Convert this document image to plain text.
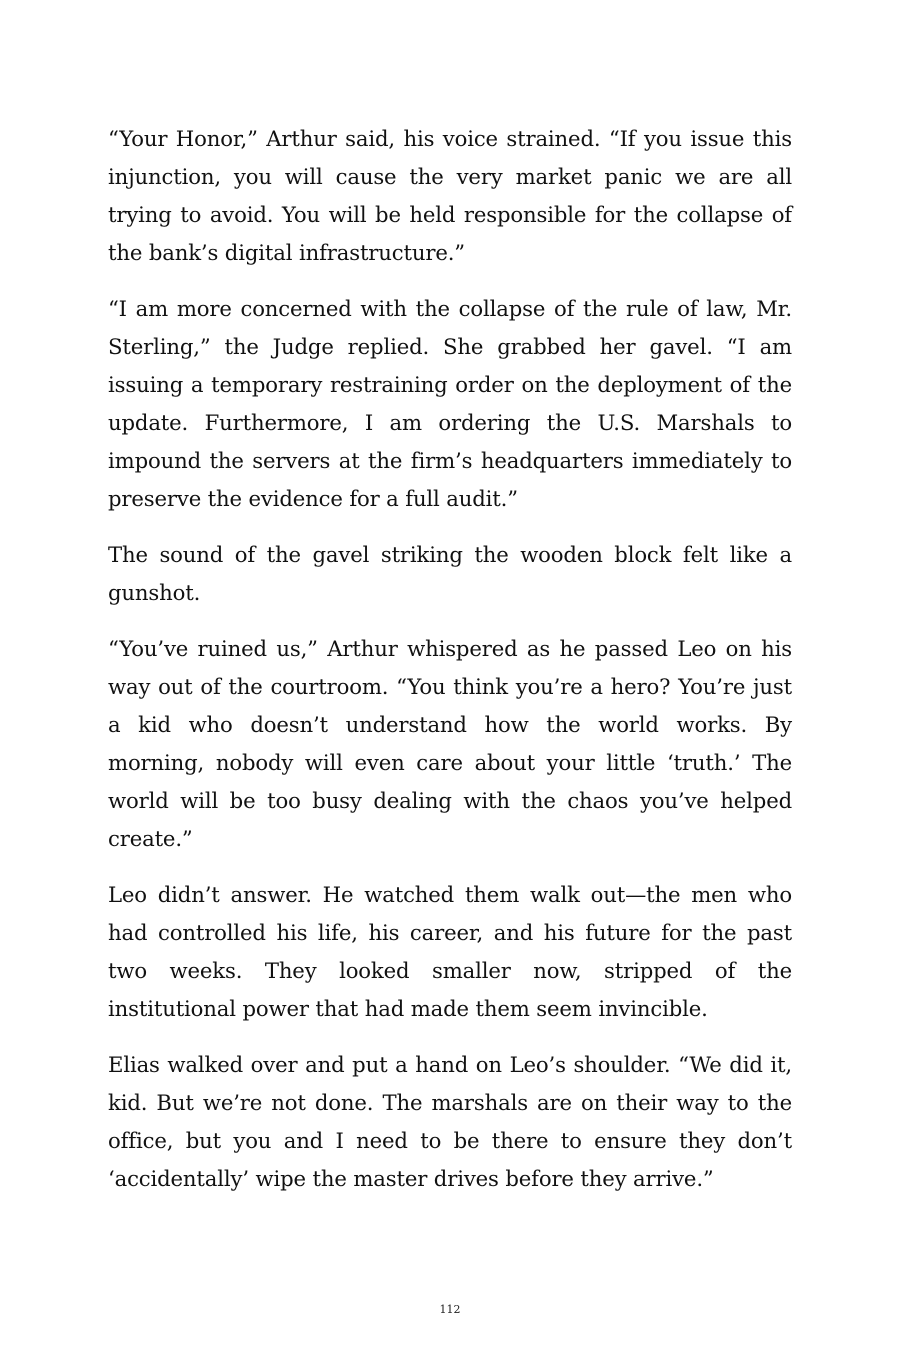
“Your Honor,” Arthur said, his voice strained. “If you issue this injunction, you will cause the very market panic we are all trying to avoid. You will be held responsible for the collapse of the bank’s digital infrastructure.”

“I am more concerned with the collapse of the rule of law, Mr. Sterling,” the Judge replied. She grabbed her gavel. “I am issuing a temporary restraining order on the deployment of the update. Furthermore, I am ordering the U.S. Marshals to impound the servers at the firm’s headquarters immediately to preserve the evidence for a full audit.”

The sound of the gavel striking the wooden block felt like a gunshot.

“You’ve ruined us,” Arthur whispered as he passed Leo on his way out of the courtroom. “You think you’re a hero? You’re just a kid who doesn’t understand how the world works. By morning, nobody will even care about your little ‘truth.’ The world will be too busy dealing with the chaos you’ve helped create.”

Leo didn’t answer. He watched them walk out—the men who had controlled his life, his career, and his future for the past two weeks. They looked smaller now, stripped of the institutional power that had made them seem invincible.

Elias walked over and put a hand on Leo’s shoulder. “We did it, kid. But we’re not done. The marshals are on their way to the office, but you and I need to be there to ensure they don’t ‘accidentally’ wipe the master drives before they arrive.”

112
